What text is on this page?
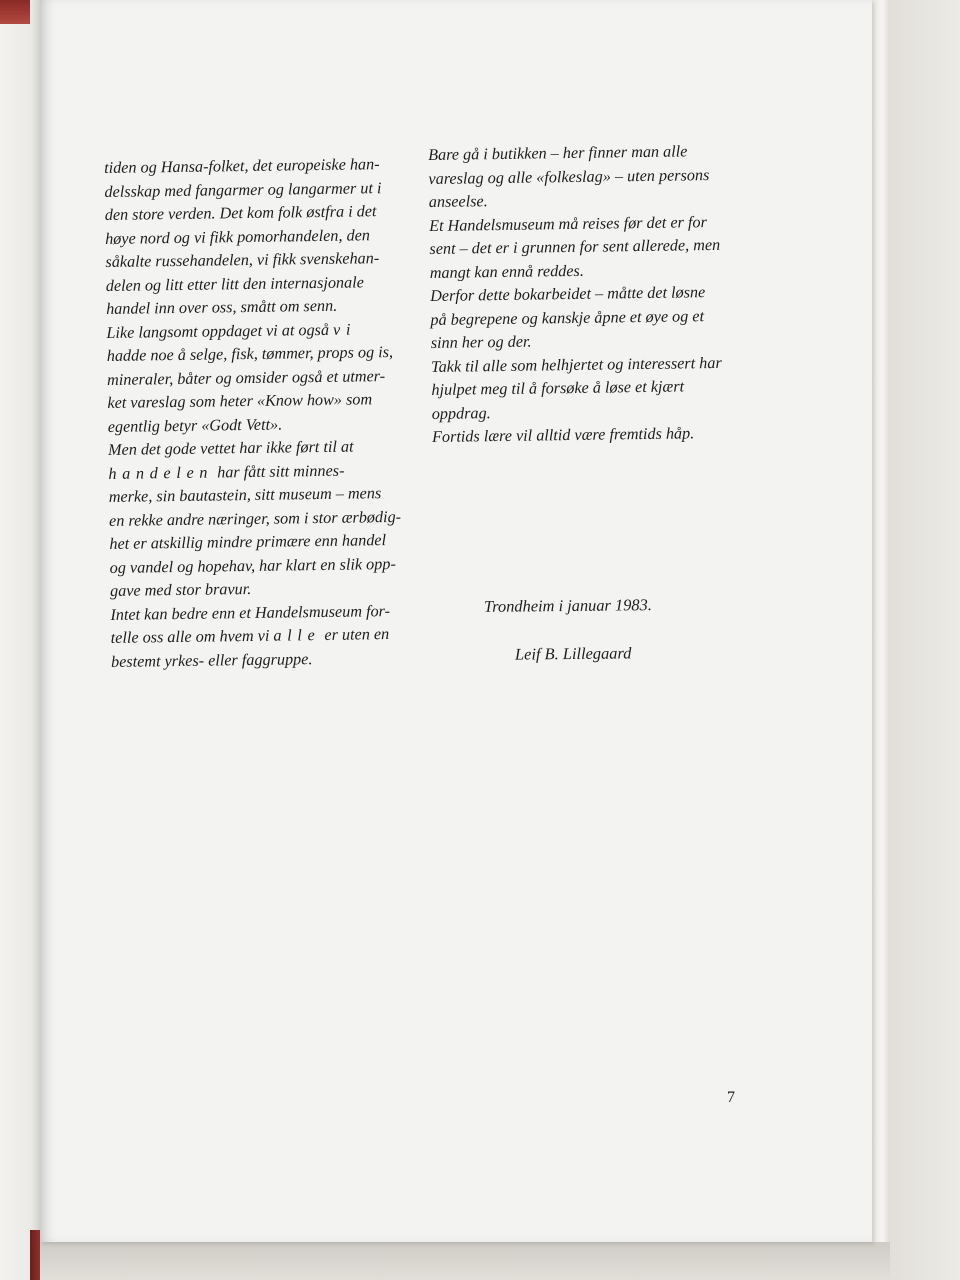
tiden og Hansa-folket, det europeiske han-

delsskap med fangarmer og langarmer ut i

den store verden. Det kom folk østfra i det

høye nord og vi fikk pomorhandelen, den

såkalte russehandelen, vi fikk svenskehan-

delen og litt etter litt den internasjonale

handel inn over oss, smått om senn.

Like langsomt oppdaget vi at også vi

hadde noe å selge, fisk, tømmer, props og is,

mineraler, båter og omsider også et utmer-

ket vareslag som heter «Know how» som

egentlig betyr «Godt Vett».

Men det gode vettet har ikke ført til at

handelen har fått sitt minnes-

merke, sin bautastein, sitt museum – mens

en rekke andre næringer, som i stor ærbødig-

het er atskillig mindre primære enn handel

og vandel og hopehav, har klart en slik opp-

gave med stor bravur.

Intet kan bedre enn et Handelsmuseum for-

telle oss alle om hvem vi alle er uten en

bestemt yrkes- eller faggruppe.

Bare gå i butikken – her finner man alle

vareslag og alle «folkeslag» – uten persons

anseelse.

Et Handelsmuseum må reises før det er for

sent – det er i grunnen for sent allerede, men

mangt kan ennå reddes.

Derfor dette bokarbeidet – måtte det løsne

på begrepene og kanskje åpne et øye og et

sinn her og der.

Takk til alle som helhjertet og interessert har

hjulpet meg til å forsøke å løse et kjært

oppdrag.

Fortids lære vil alltid være fremtids håp.

Trondheim i januar 1983.
Leif B. Lillegaard
7
